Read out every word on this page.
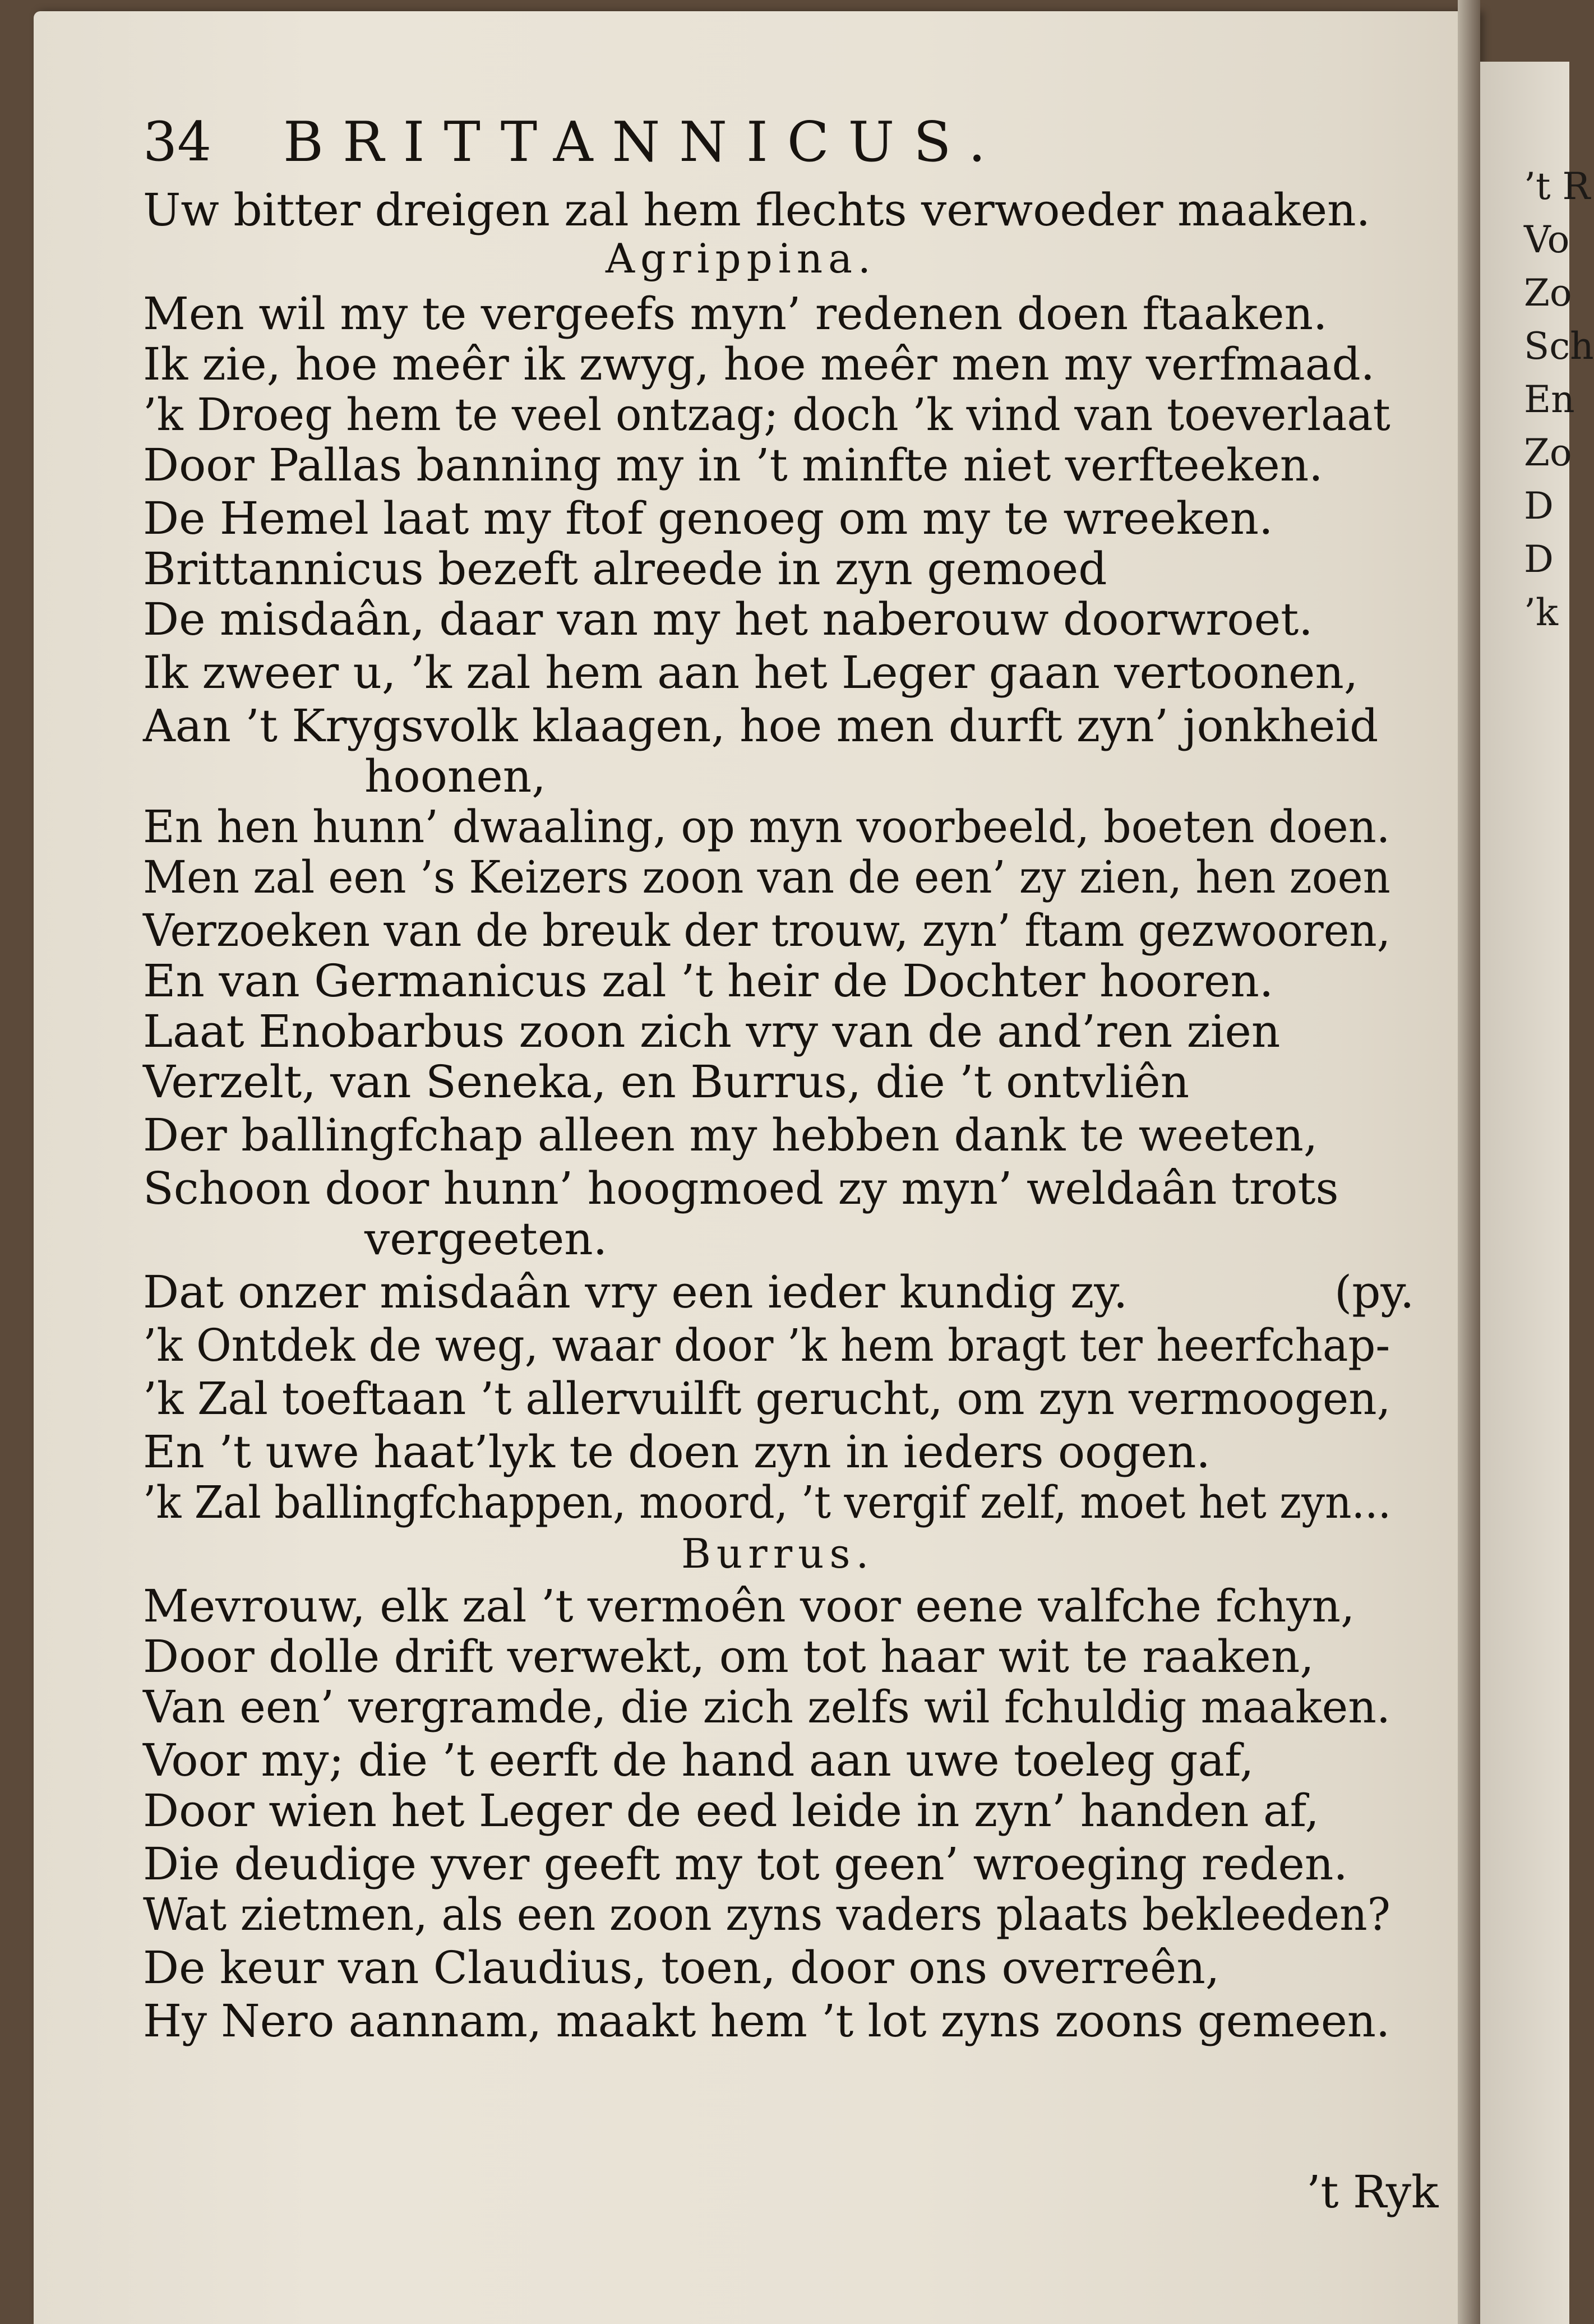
’t R
Vo
Zo
Sch
En
Zo
D
D
’k
34 BRITTANNICUS.
Uw bitter dreigen zal hem flechts verwoeder maaken.
Agrippina.
Men wil my te vergeefs myn’ redenen doen ftaaken.
Ik zie, hoe meêr ik zwyg, hoe meêr men my verfmaad.
’k Droeg hem te veel ontzag; doch ’k vind van toeverlaat
Door Pallas banning my in ’t minfte niet verfteeken.
De Hemel laat my ftof genoeg om my te wreeken.
Brittannicus bezeft alreede in zyn gemoed
De misdaân, daar van my het naberouw doorwroet.
Ik zweer u, ’k zal hem aan het Leger gaan vertoonen,
Aan ’t Krygsvolk klaagen, hoe men durft zyn’ jonkheid
hoonen,
En hen hunn’ dwaaling, op myn voorbeeld, boeten doen.
Men zal een ’s Keizers zoon van de een’ zy zien, hen zoen
Verzoeken van de breuk der trouw, zyn’ ftam gezwooren,
En van Germanicus zal ’t heir de Dochter hooren.
Laat Enobarbus zoon zich vry van de and’ren zien
Verzelt, van Seneka, en Burrus, die ’t ontvliên
Der ballingfchap alleen my hebben dank te weeten,
Schoon door hunn’ hoogmoed zy myn’ weldaân trots
vergeeten.
Dat onzer misdaân vry een ieder kundig zy.
’k Ontdek de weg, waar door ’k hem bragt ter heerfchap-
’k Zal toeftaan ’t allervuilft gerucht, om zyn vermoogen,
En ’t uwe haat’lyk te doen zyn in ieders oogen.
’k Zal ballingfchappen, moord, ’t vergif zelf, moet het zyn...
Burrus.
Mevrouw, elk zal ’t vermoên voor eene valfche fchyn,
Door dolle drift verwekt, om tot haar wit te raaken,
Van een’ vergramde, die zich zelfs wil fchuldig maaken.
Voor my; die ’t eerft de hand aan uwe toeleg gaf,
Door wien het Leger de eed leide in zyn’ handen af,
Die deudige yver geeft my tot geen’ wroeging reden.
Wat zietmen, als een zoon zyns vaders plaats bekleeden?
De keur van Claudius, toen, door ons overreên,
Hy Nero aannam, maakt hem ’t lot zyns zoons gemeen.
(py.
’t Ryk
